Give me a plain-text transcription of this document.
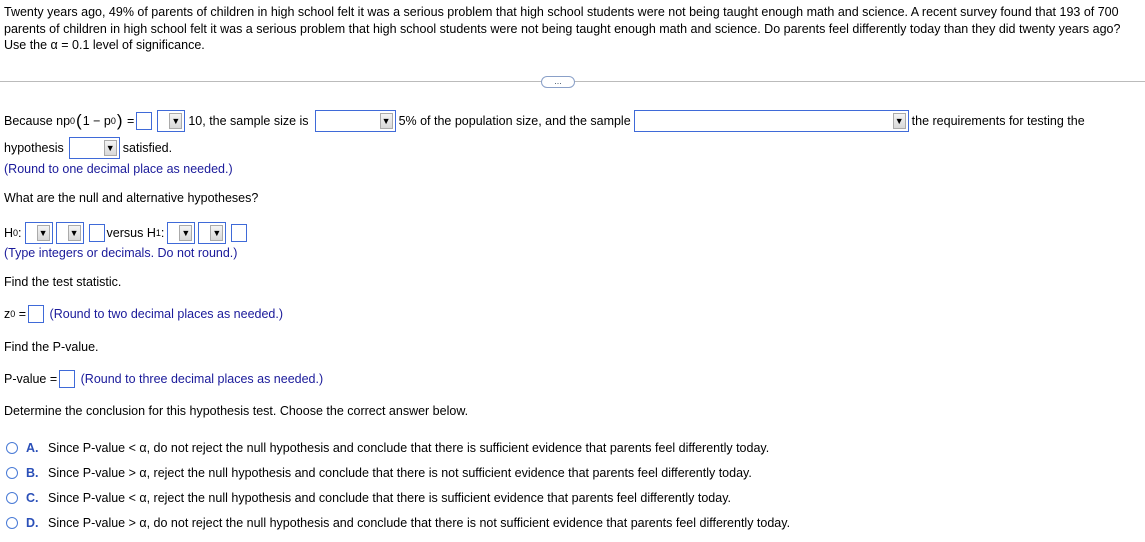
Twenty years ago, 49% of parents of children in high school felt it was a serious problem that high school students were not being taught enough math and science. A recent survey found that 193 of 700 parents of children in high school felt it was a serious problem that high school students were not being taught enough math and science. Do parents feel differently today than they did twenty years ago? Use the α = 0.1 level of significance.
...
Because np 0 ( 1 − p 0 )
=	▼ 10, the sample size is	▼ 5% of the population size, and the sample	▼ the requirements for testing the
hypothesis	▼ satisfied.
(Round to one decimal place as needed.)
What are the null and alternative hypotheses?
H 0 : ▼ ▼ versus H 1 : ▼ ▼
(Type integers or decimals. Do not round.)
Find the test statistic.
z 0
=
(Round to two decimal places as needed.)
Find the P-value.
P-value =
(Round to three decimal places as needed.)
Determine the conclusion for this hypothesis test. Choose the correct answer below.
A. Since P-value < α, do not reject the null hypothesis and conclude that there is sufficient evidence that parents feel differently today.
B. Since P-value > α, reject the null hypothesis and conclude that there is not sufficient evidence that parents feel differently today.
C. Since P-value < α, reject the null hypothesis and conclude that there is sufficient evidence that parents feel differently today.
D. Since P-value > α, do not reject the null hypothesis and conclude that there is not sufficient evidence that parents feel differently today.
